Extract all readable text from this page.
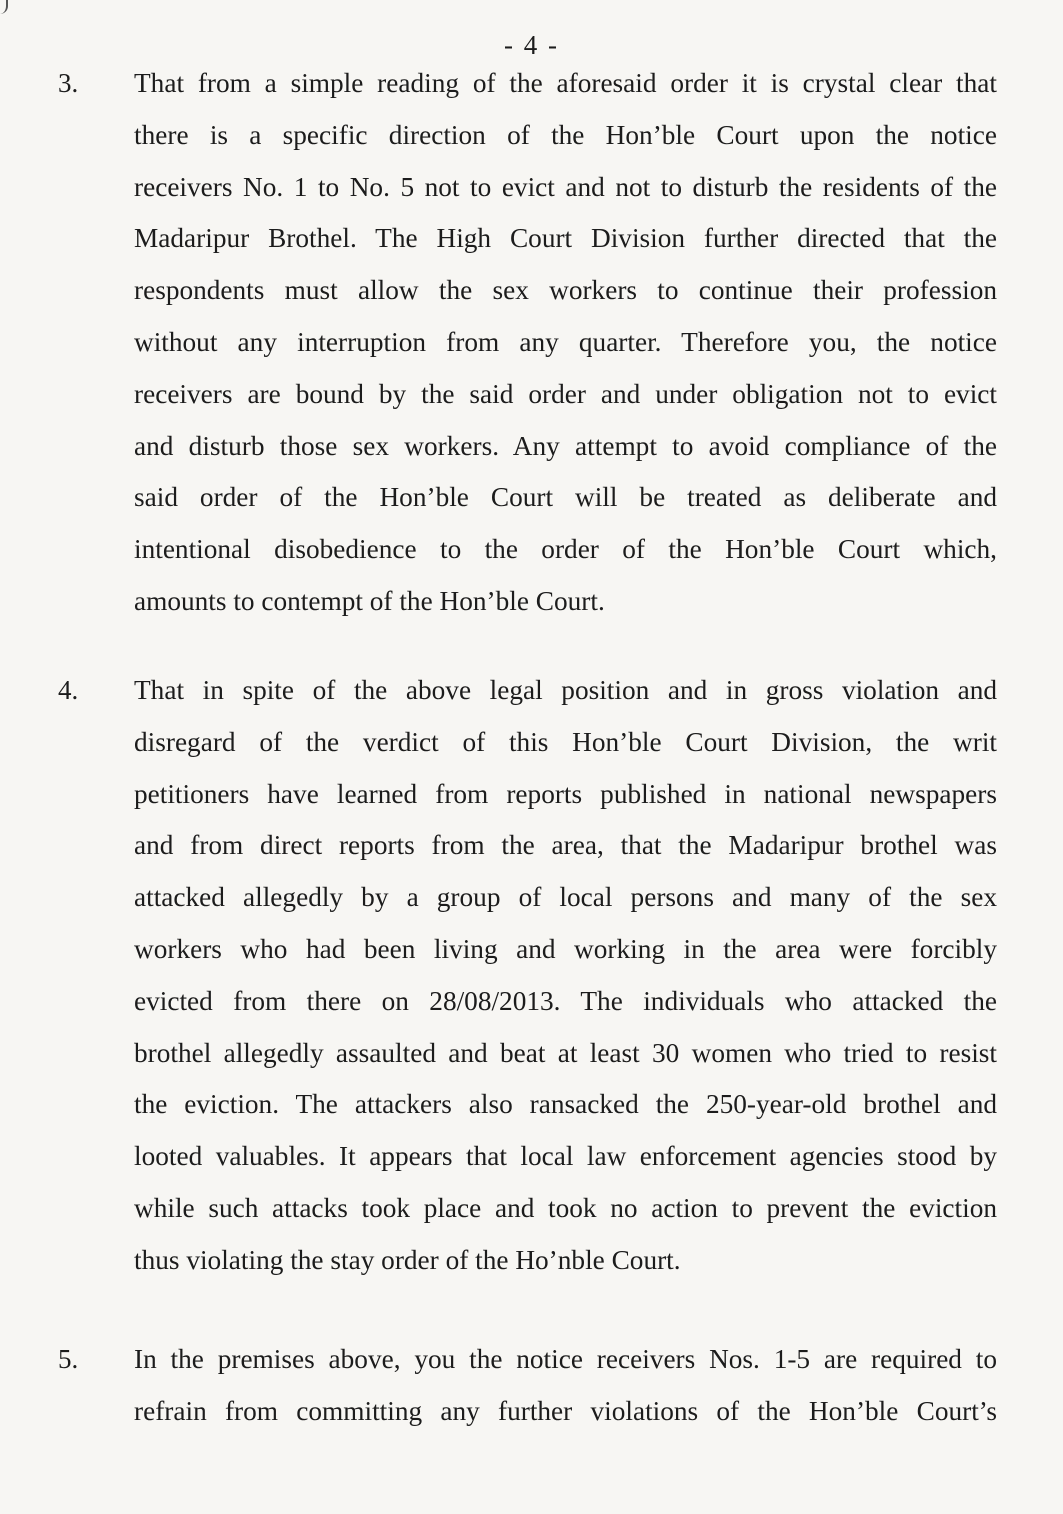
- 4 -
3. That from a simple reading of the aforesaid order it is crystal clear that
there is a specific direction of the Hon’ble Court upon the notice
receivers No. 1 to No. 5 not to evict and not to disturb the residents of the
Madaripur Brothel. The High Court Division further directed that the
respondents must allow the sex workers to continue their profession
without any interruption from any quarter. Therefore you, the notice
receivers are bound by the said order and under obligation not to evict
and disturb those sex workers. Any attempt to avoid compliance of the
said order of the Hon’ble Court will be treated as deliberate and
intentional disobedience to the order of the Hon’ble Court which,
amounts to contempt of the Hon’ble Court.
4. That in spite of the above legal position and in gross violation and
disregard of the verdict of this Hon’ble Court Division, the writ
petitioners have learned from reports published in national newspapers
and from direct reports from the area, that the Madaripur brothel was
attacked allegedly by a group of local persons and many of the sex
workers who had been living and working in the area were forcibly
evicted from there on 28/08/2013. The individuals who attacked the
brothel allegedly assaulted and beat at least 30 women who tried to resist
the eviction. The attackers also ransacked the 250-year-old brothel and
looted valuables. It appears that local law enforcement agencies stood by
while such attacks took place and took no action to prevent the eviction
thus violating the stay order of the Ho’nble Court.
5. In the premises above, you the notice receivers Nos. 1-5 are required to
refrain from committing any further violations of the Hon’ble Court’s
